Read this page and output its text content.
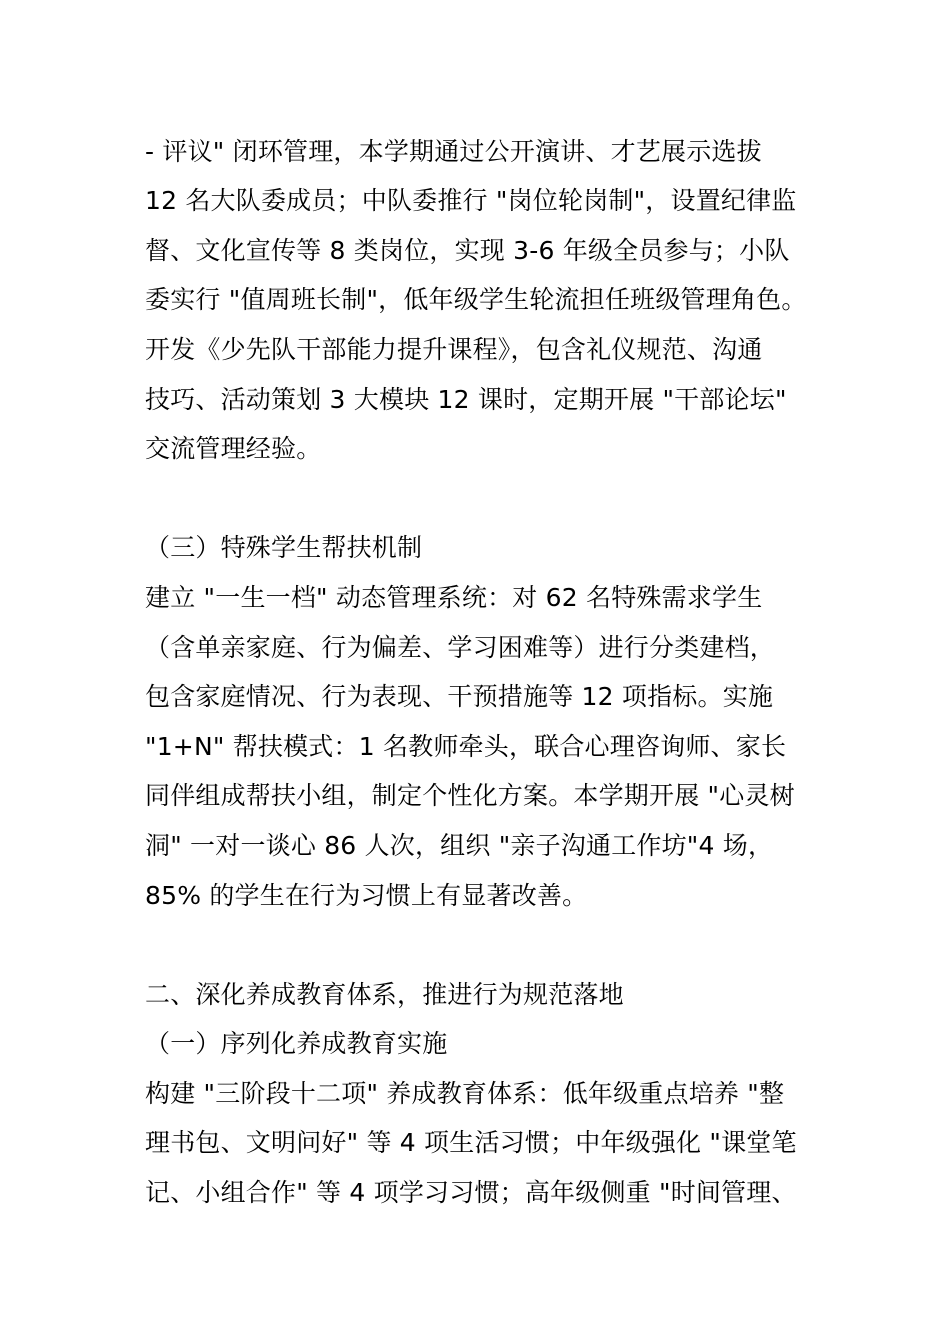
- 评议" 闭环管理，本学期通过公开演讲、才艺展示选拔
12 名大队委成员；中队委推行 "岗位轮岗制"，设置纪律监
督、文化宣传等 8 类岗位，实现 3-6 年级全员参与；小队
委实行 "值周班长制"，低年级学生轮流担任班级管理角色。
开发《少先队干部能力提升课程》，包含礼仪规范、沟通
技巧、活动策划 3 大模块 12 课时，定期开展 "干部论坛"
交流管理经验。
（三）特殊学生帮扶机制
建立 "一生一档" 动态管理系统：对 62 名特殊需求学生
（含单亲家庭、行为偏差、学习困难等）进行分类建档，
包含家庭情况、行为表现、干预措施等 12 项指标。实施
"1+N" 帮扶模式：1 名教师牵头，联合心理咨询师、家长
同伴组成帮扶小组，制定个性化方案。本学期开展 "心灵树
洞" 一对一谈心 86 人次，组织 "亲子沟通工作坊"4 场，
85% 的学生在行为习惯上有显著改善。
二、深化养成教育体系，推进行为规范落地
（一）序列化养成教育实施
构建 "三阶段十二项" 养成教育体系：低年级重点培养 "整
理书包、文明问好" 等 4 项生活习惯；中年级强化 "课堂笔
记、小组合作" 等 4 项学习习惯；高年级侧重 "时间管理、
